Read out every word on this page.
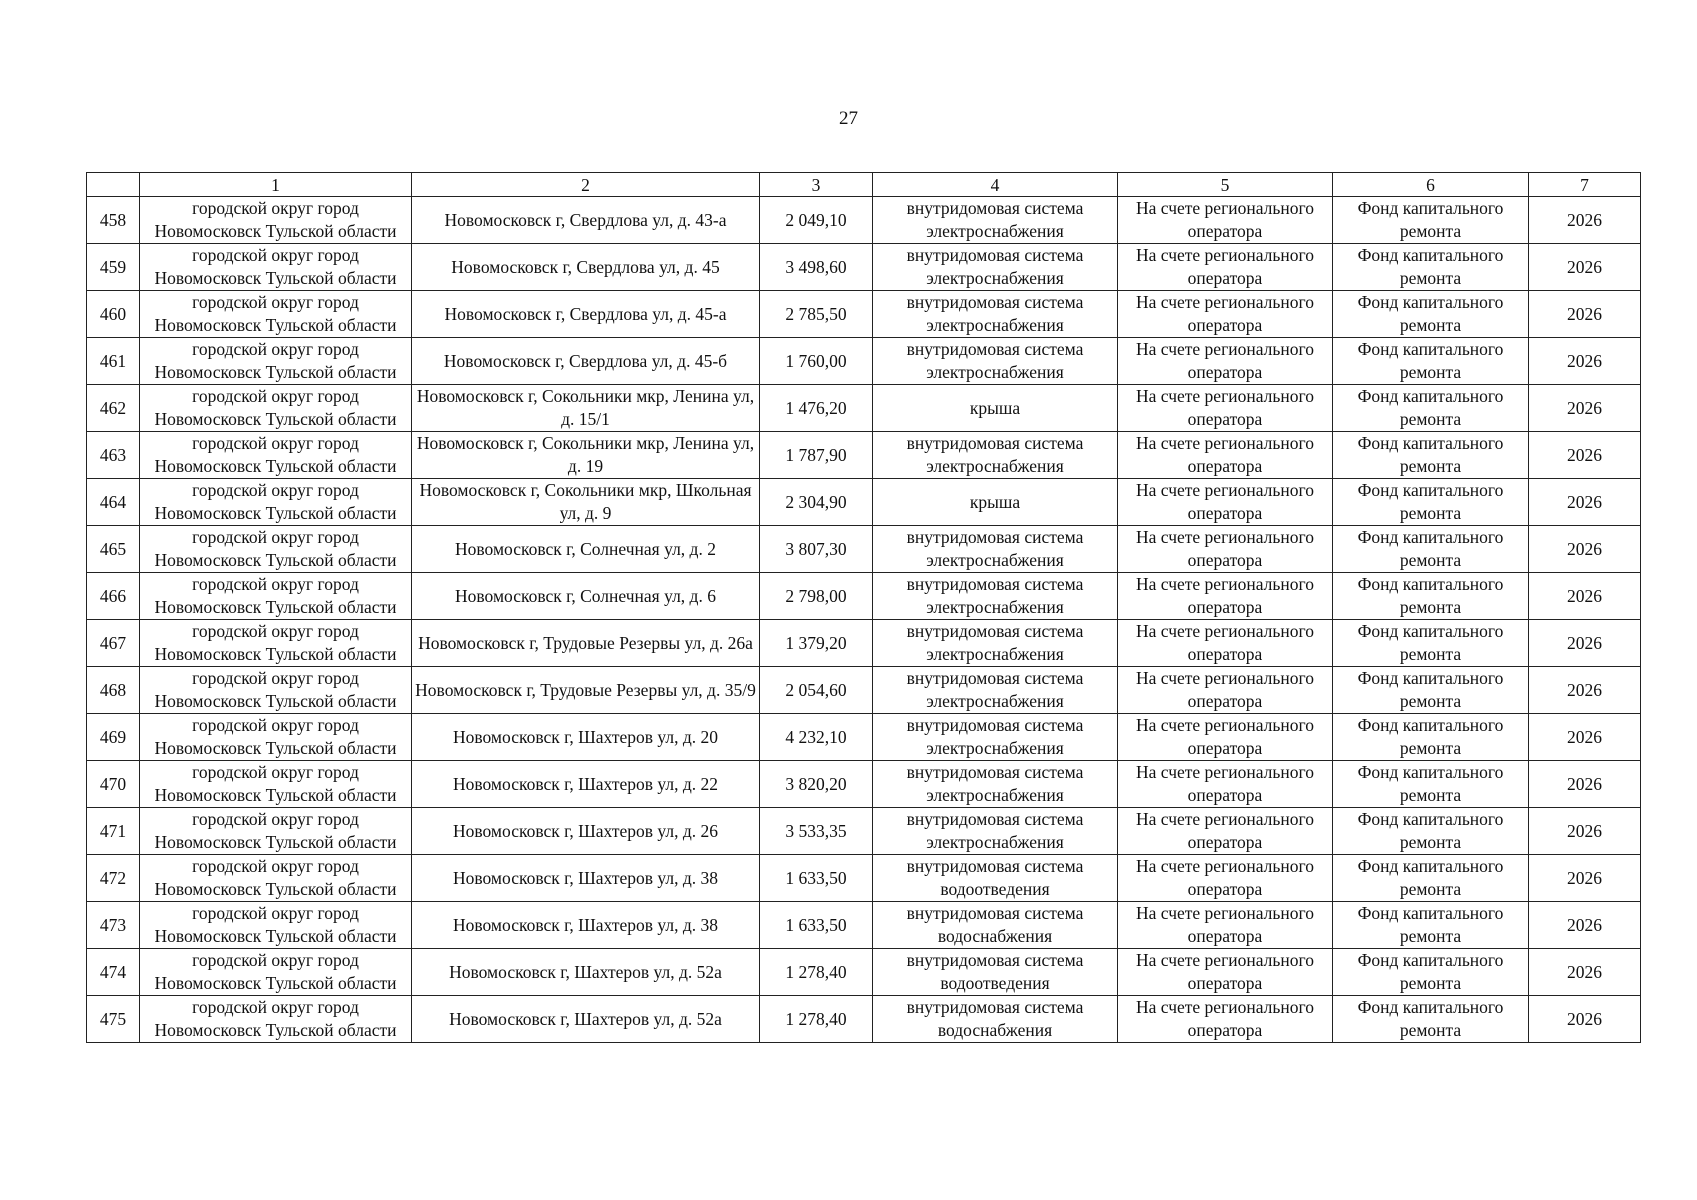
27
	1	2	3	4	5	6	7

458	городской округ город
Новомосковск Тульской области	Новомосковск г, Свердлова ул, д. 43-а	2 049,10	внутридомовая система
электроснабжения	На счете регионального
оператора	Фонд капитального
ремонта	2026

459	городской округ город
Новомосковск Тульской области	Новомосковск г, Свердлова ул, д. 45	3 498,60	внутридомовая система
электроснабжения	На счете регионального
оператора	Фонд капитального
ремонта	2026

460	городской округ город
Новомосковск Тульской области	Новомосковск г, Свердлова ул, д. 45-а	2 785,50	внутридомовая система
электроснабжения	На счете регионального
оператора	Фонд капитального
ремонта	2026

461	городской округ город
Новомосковск Тульской области	Новомосковск г, Свердлова ул, д. 45-б	1 760,00	внутридомовая система
электроснабжения	На счете регионального
оператора	Фонд капитального
ремонта	2026

462	городской округ город
Новомосковск Тульской области	Новомосковск г, Сокольники мкр, Ленина ул, д. 15/1	1 476,20	крыша	На счете регионального
оператора	Фонд капитального
ремонта	2026

463	городской округ город
Новомосковск Тульской области	Новомосковск г, Сокольники мкр, Ленина ул, д. 19	1 787,90	внутридомовая система
электроснабжения	На счете регионального
оператора	Фонд капитального
ремонта	2026

464	городской округ город
Новомосковск Тульской области	Новомосковск г, Сокольники мкр, Школьная ул, д. 9	2 304,90	крыша	На счете регионального
оператора	Фонд капитального
ремонта	2026

465	городской округ город
Новомосковск Тульской области	Новомосковск г, Солнечная ул, д. 2	3 807,30	внутридомовая система
электроснабжения	На счете регионального
оператора	Фонд капитального
ремонта	2026

466	городской округ город
Новомосковск Тульской области	Новомосковск г, Солнечная ул, д. 6	2 798,00	внутридомовая система
электроснабжения	На счете регионального
оператора	Фонд капитального
ремонта	2026

467	городской округ город
Новомосковск Тульской области	Новомосковск г, Трудовые Резервы ул, д. 26а	1 379,20	внутридомовая система
электроснабжения	На счете регионального
оператора	Фонд капитального
ремонта	2026

468	городской округ город
Новомосковск Тульской области	Новомосковск г, Трудовые Резервы ул, д. 35/9	2 054,60	внутридомовая система
электроснабжения	На счете регионального
оператора	Фонд капитального
ремонта	2026

469	городской округ город
Новомосковск Тульской области	Новомосковск г, Шахтеров ул, д. 20	4 232,10	внутридомовая система
электроснабжения	На счете регионального
оператора	Фонд капитального
ремонта	2026

470	городской округ город
Новомосковск Тульской области	Новомосковск г, Шахтеров ул, д. 22	3 820,20	внутридомовая система
электроснабжения	На счете регионального
оператора	Фонд капитального
ремонта	2026

471	городской округ город
Новомосковск Тульской области	Новомосковск г, Шахтеров ул, д. 26	3 533,35	внутридомовая система
электроснабжения	На счете регионального
оператора	Фонд капитального
ремонта	2026

472	городской округ город
Новомосковск Тульской области	Новомосковск г, Шахтеров ул, д. 38	1 633,50	внутридомовая система
водоотведения	На счете регионального
оператора	Фонд капитального
ремонта	2026

473	городской округ город
Новомосковск Тульской области	Новомосковск г, Шахтеров ул, д. 38	1 633,50	внутридомовая система
водоснабжения	На счете регионального
оператора	Фонд капитального
ремонта	2026

474	городской округ город
Новомосковск Тульской области	Новомосковск г, Шахтеров ул, д. 52а	1 278,40	внутридомовая система
водоотведения	На счете регионального
оператора	Фонд капитального
ремонта	2026

475	городской округ город
Новомосковск Тульской области	Новомосковск г, Шахтеров ул, д. 52а	1 278,40	внутридомовая система
водоснабжения	На счете регионального
оператора	Фонд капитального
ремонта	2026
